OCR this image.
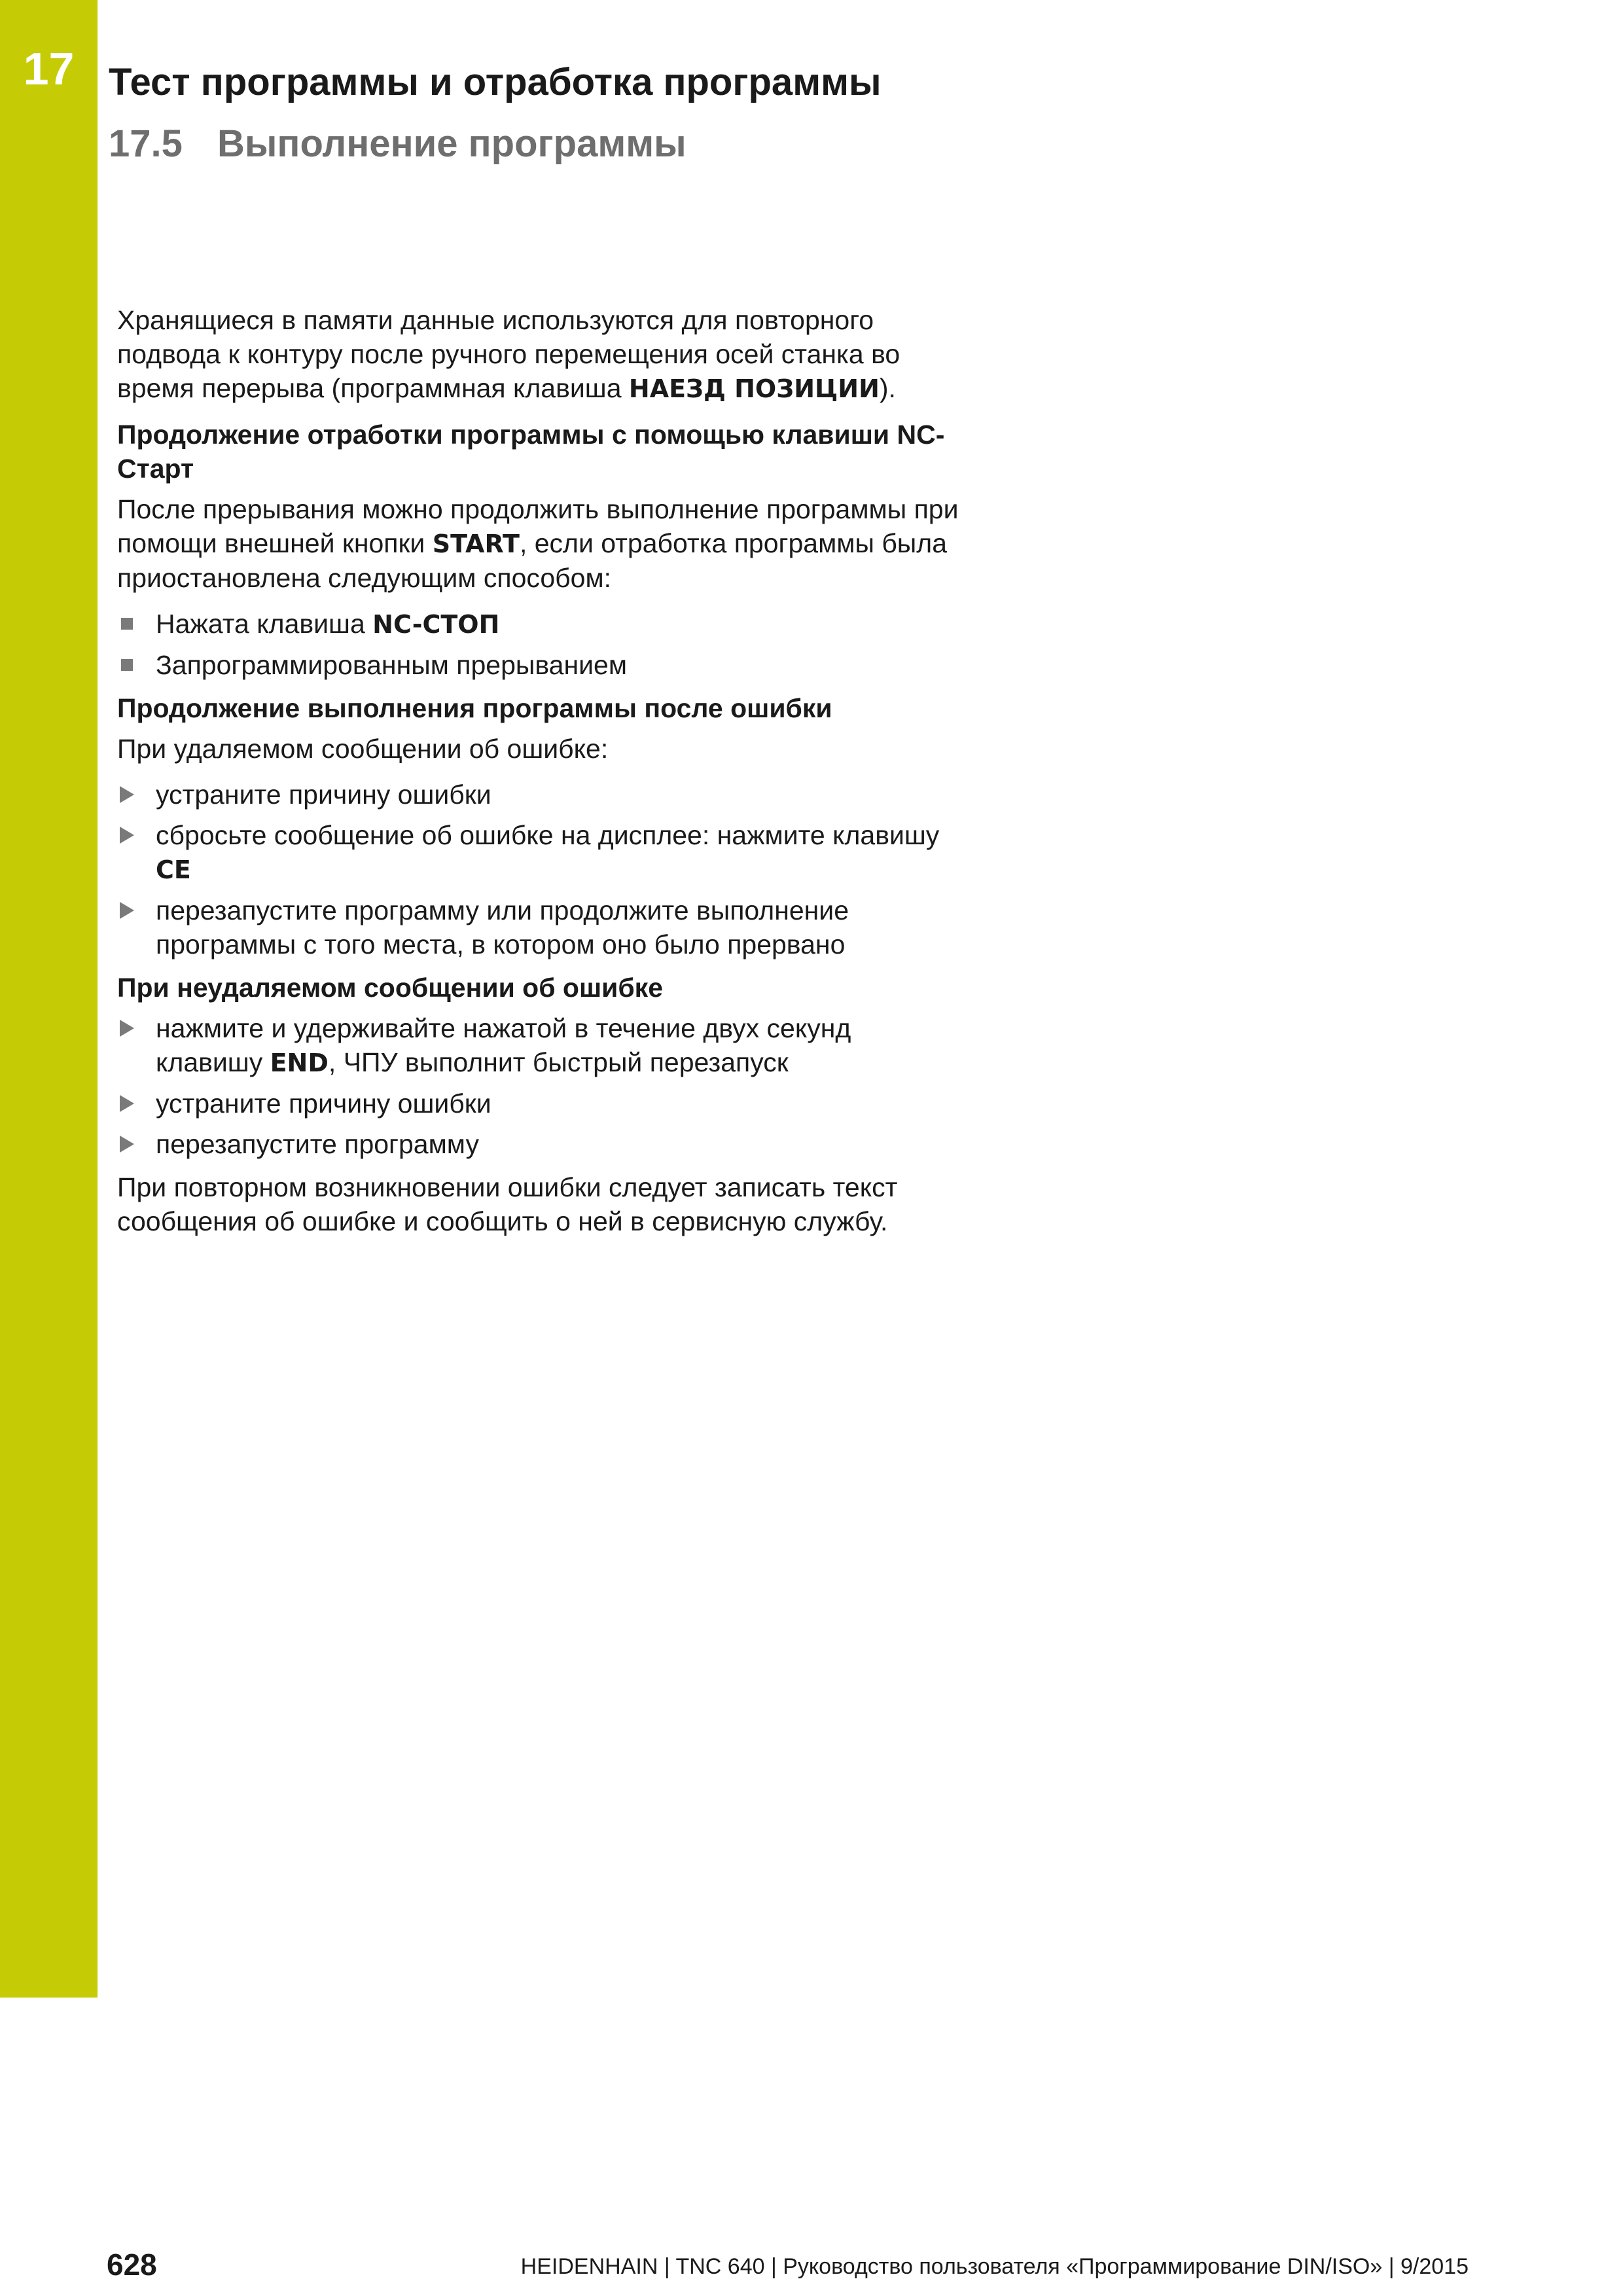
17 Тест программы и отработка программы
17.5 Выполнение программы

Хранящиеся в памяти данные используются для повторного подвода к контуру после ручного перемещения осей станка во время перерыва (программная клавиша НАЕЗД ПОЗИЦИИ).

Продолжение отработки программы с помощью клавиши NC-Старт

После прерывания можно продолжить выполнение программы при помощи внешней кнопки START, если отработка программы была приостановлена следующим способом:

Нажата клавиша NC-СТОП
Запрограммированным прерыванием

Продолжение выполнения программы после ошибки

При удаляемом сообщении об ошибке:

устраните причину ошибки
сбросьте сообщение об ошибке на дисплее: нажмите клавишу CE
перезапустите программу или продолжите выполнение программы с того места, в котором оно было прервано

При неудаляемом сообщении об ошибке

нажмите и удерживайте нажатой в течение двух секунд клавишу END, ЧПУ выполнит быстрый перезапуск
устраните причину ошибки
перезапустите программу

При повторном возникновении ошибки следует записать текст сообщения об ошибке и сообщить о ней в сервисную службу.

628	HEIDENHAIN | TNC 640 | Руководство пользователя «Программирование DIN/ISO» | 9/2015
